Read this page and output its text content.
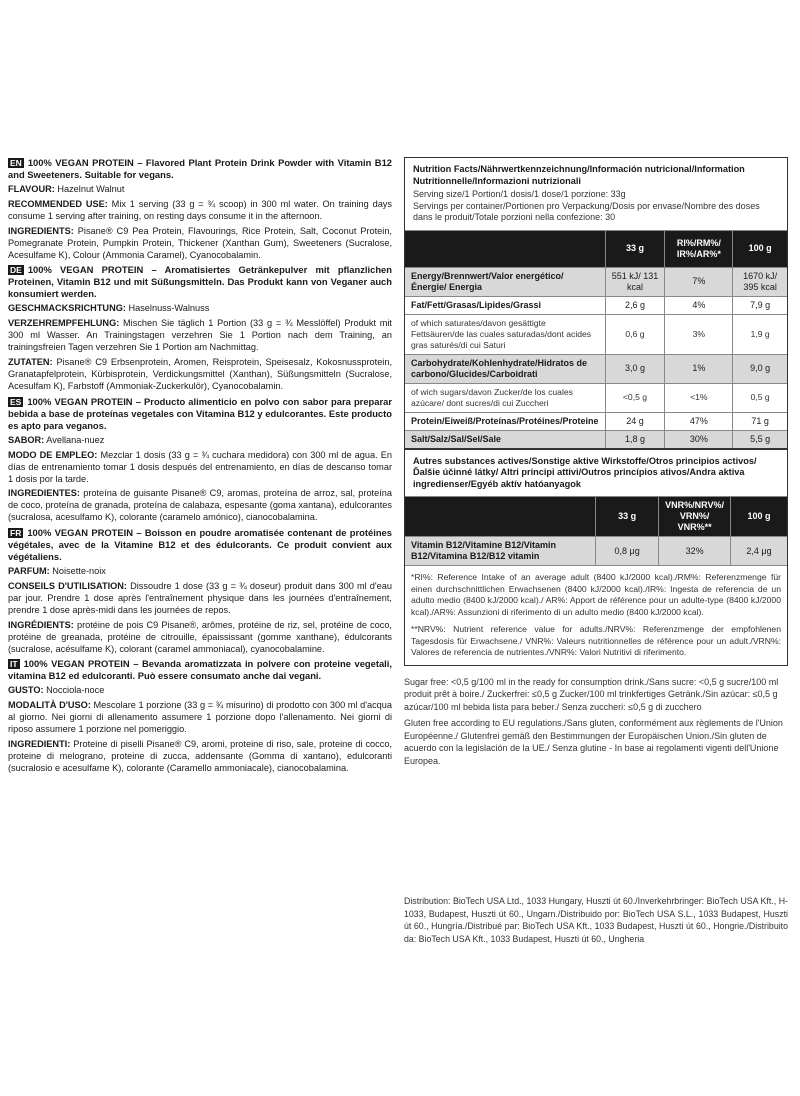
EN 100% VEGAN PROTEIN – Flavored Plant Protein Drink Powder with Vitamin B12 and Sweeteners. Suitable for vegans.

FLAVOUR: Hazelnut Walnut

RECOMMENDED USE: Mix 1 serving (33 g = ¾ scoop) in 300 ml water. On training days consume 1 serving after training, on resting days consume it in the afternoon.

INGREDIENTS: Pisane® C9 Pea Protein, Flavourings, Rice Protein, Salt, Coconut Protein, Pomegranate Protein, Pumpkin Protein, Thickener (Xanthan Gum), Sweeteners (Sucralose, Acesulfame K), Colour (Ammonia Caramel), Cyanocobalamin.

DE 100% VEGAN PROTEIN – Aromatisiertes Getränkepulver mit pflanzlichen Proteinen, Vitamin B12 und mit Süßungsmitteln. Das Produkt kann von Veganer auch konsumiert werden.

GESCHMACKSRICHTUNG: Haselnuss-Walnuss

VERZEHREMPFEHLUNG: Mischen Sie täglich 1 Portion (33 g = ¾ Messlöffel) Produkt mit 300 ml Wasser. An Trainingstagen verzehren Sie 1 Portion nach dem Training, an trainingsfreien Tagen verzehren Sie 1 Portion am Nachmittag.

ZUTATEN: Pisane® C9 Erbsenprotein, Aromen, Reisprotein, Speisesalz, Kokosnussprotein, Granatapfelprotein, Kürbisprotein, Verdickungsmittel (Xanthan), Süßungsmitteln (Sucralose, Acesulfam K), Farbstoff (Ammoniak-Zuckerkulör), Cyanocobalamin.

ES 100% VEGAN PROTEIN – Producto alimenticio en polvo con sabor para preparar bebida a base de proteínas vegetales con Vitamina B12 y edulcorantes. Este producto es apto para veganos.

SABOR: Avellana-nuez

MODO DE EMPLEO: Mezclar 1 dosis (33 g = ¾ cuchara medidora) con 300 ml de agua. En días de entrenamiento tomar 1 dosis después del entrenamiento, en días de descanso tomar 1 dosis por la tarde.

INGREDIENTES: proteína de guisante Pisane® C9, aromas, proteína de arroz, sal, proteína de coco, proteína de granada, proteína de calabaza, espesante (goma xantana), edulcorantes (sucralosa, acesulfamo K), colorante (caramelo amónico), cianocobalamina.

FR 100% VEGAN PROTEIN – Boisson en poudre aromatisée contenant de protéines végétales, avec de la Vitamine B12 et des édulcorants. Ce produit convient aux végétaliens.

PARFUM: Noisette-noix

CONSEILS D'UTILISATION: Dissoudre 1 dose (33 g = ¾ doseur) produit dans 300 ml d'eau par jour. Prendre 1 dose après l'entraînement physique dans les journées d'entraînement, prendre 1 dose après-midi dans les journées de repos.

INGRÉDIENTS: protéine de pois C9 Pisane®, arômes, protéine de riz, sel, protéine de coco, protéine de greanada, protéine de citrouille, épaississant (gomme xanthane), édulcorants (sucralose, acésulfame K), colorant (caramel ammoniacal), cyanocobalamine.

IT 100% VEGAN PROTEIN – Bevanda aromatizzata in polvere con proteine vegetali, vitamina B12 ed edulcoranti. Può essere consumato anche dai vegani.

GUSTO: Nocciola-noce

MODALITÀ D'USO: Mescolare 1 porzione (33 g = ¾ misurino) di prodotto con 300 ml d'acqua al giorno. Nei giorni di allenamento assumere 1 porzione dopo l'allenamento. Nei giorni di riposo assumere 1 porzione nel pomeriggio.

INGREDIENTI: Proteine di piselli Pisane® C9, aromi, proteine di riso, sale, proteine di cocco, proteine di melograno, proteine di zucca, addensante (Gomma di xantano), edulcoranti (sucralosio e acesulfame K), colorante (Caramello ammoniacale), cianocobalamina.

Nutrition Facts/Nährwertkennzeichnung/Información nutricional/Information Nutritionnelle/Informazioni nutrizionali
Serving size/1 Portion/1 dosis/1 dose/1 porzione: 33g
Servings per container/Portionen pro Verpackung/Dosis por envase/Nombre des doses dans le produit/Totale porzioni nella confezione: 30
	33 g	RI%/RM%/ IR%/AR%*	100 g
Energy/Brennwert/Valor energético/Énergie/ Energia	551 kJ/ 131 kcal	7%	1670 kJ/ 395 kcal
Fat/Fett/Grasas/Lipides/Grassi	2,6 g	4%	7,9 g
of which saturates/davon gesättigte Fettsäuren/de las cuales saturadas/dont acides gras saturés/di cui Saturi	0,6 g	3%	1,9 g
Carbohydrate/Kohlenhydrate/Hidratos de carbono/Glucides/Carboidrati	3,0 g	1%	9,0 g
of wich sugars/davon Zucker/de los cuales azúcare/ dont sucres/di cui Zuccheri	<0,5 g	<1%	0,5 g
Protein/Eiweiß/Proteínas/Protéines/Proteine	24 g	47%	71 g
Salt/Salz/Sal/Sel/Sale	1,8 g	30%	5,5 g
Autres substances actives/Sonstige aktive Wirkstoffe/Otros principios activos/Ďalšie účinné látky/ Altri principi attivi/Outros princípios ativos/Andra aktiva ingredienser/Egyéb aktív hatóanyagok
	33 g	VNR%/NRV%/ VRN%/ VNR%**	100 g
Vitamin B12/Vitamine B12/Vitamin B12/Vitamina B12/B12 vitamin	0,8 μg	32%	2,4 μg
*RI%: Reference Intake of an average adult (8400 kJ/2000 kcal)./RM%: Referenzmenge für einen durchschnittlichen Erwachsenen (8400 kJ/2000 kcal)./IR%: Ingesta de referencia de un adulto medio (8400 kJ/2000 kcal)./ AR%: Apport de référence pour un adulte-type (8400 kJ/2000 kcal)./AR%: Assunzioni di riferimento di un adulto medio (8400 kJ/2000 kcal).
**NRV%: Nutrient reference value for adults./NRV%: Referenzmenge der empfohlenen Tagesdosis für Erwachsene./ VNR%: Valeurs nutritionnelles de référence pour un adult./VRN%: Valores de referencia de nutrientes./VNR%: Valori Nutritivi di riferimento.

Sugar free: <0,5 g/100 ml in the ready for consumption drink./Sans sucre: <0,5 g sucre/100 ml produit prêt à boire./ Zuckerfrei: ≤0,5 g Zucker/100 ml trinkfertiges Getränk./Sin azúcar: ≤0,5 g azúcar/100 ml bebida lista para beber./ Senza zuccheri: ≤0,5 g di zucchero

Gluten free according to EU regulations./Sans gluten, conformément aux règlements de l'Union Européenne./ Glutenfrei gemäß den Bestimmungen der Europäischen Union./Sin gluten de acuerdo con la legislación de la UE./ Senza glutine - In base ai regolamenti vigenti dell'Unione Europea.

Distribution: BioTech USA Ltd., 1033 Hungary, Huszti út 60./Inverkehrbringer: BioTech USA Kft., H-1033, Budapest, Huszti út 60., Ungarn./Distribuido por: BioTech USA S.L., 1033 Budapest, Huszti út 60., Hungría./Distribué par: BioTech USA Kft., 1033 Budapest, Huszti út 60., Hongrie./Distribuito da: BioTech USA Kft., 1033 Budapest, Huszti út 60., Ungheria
